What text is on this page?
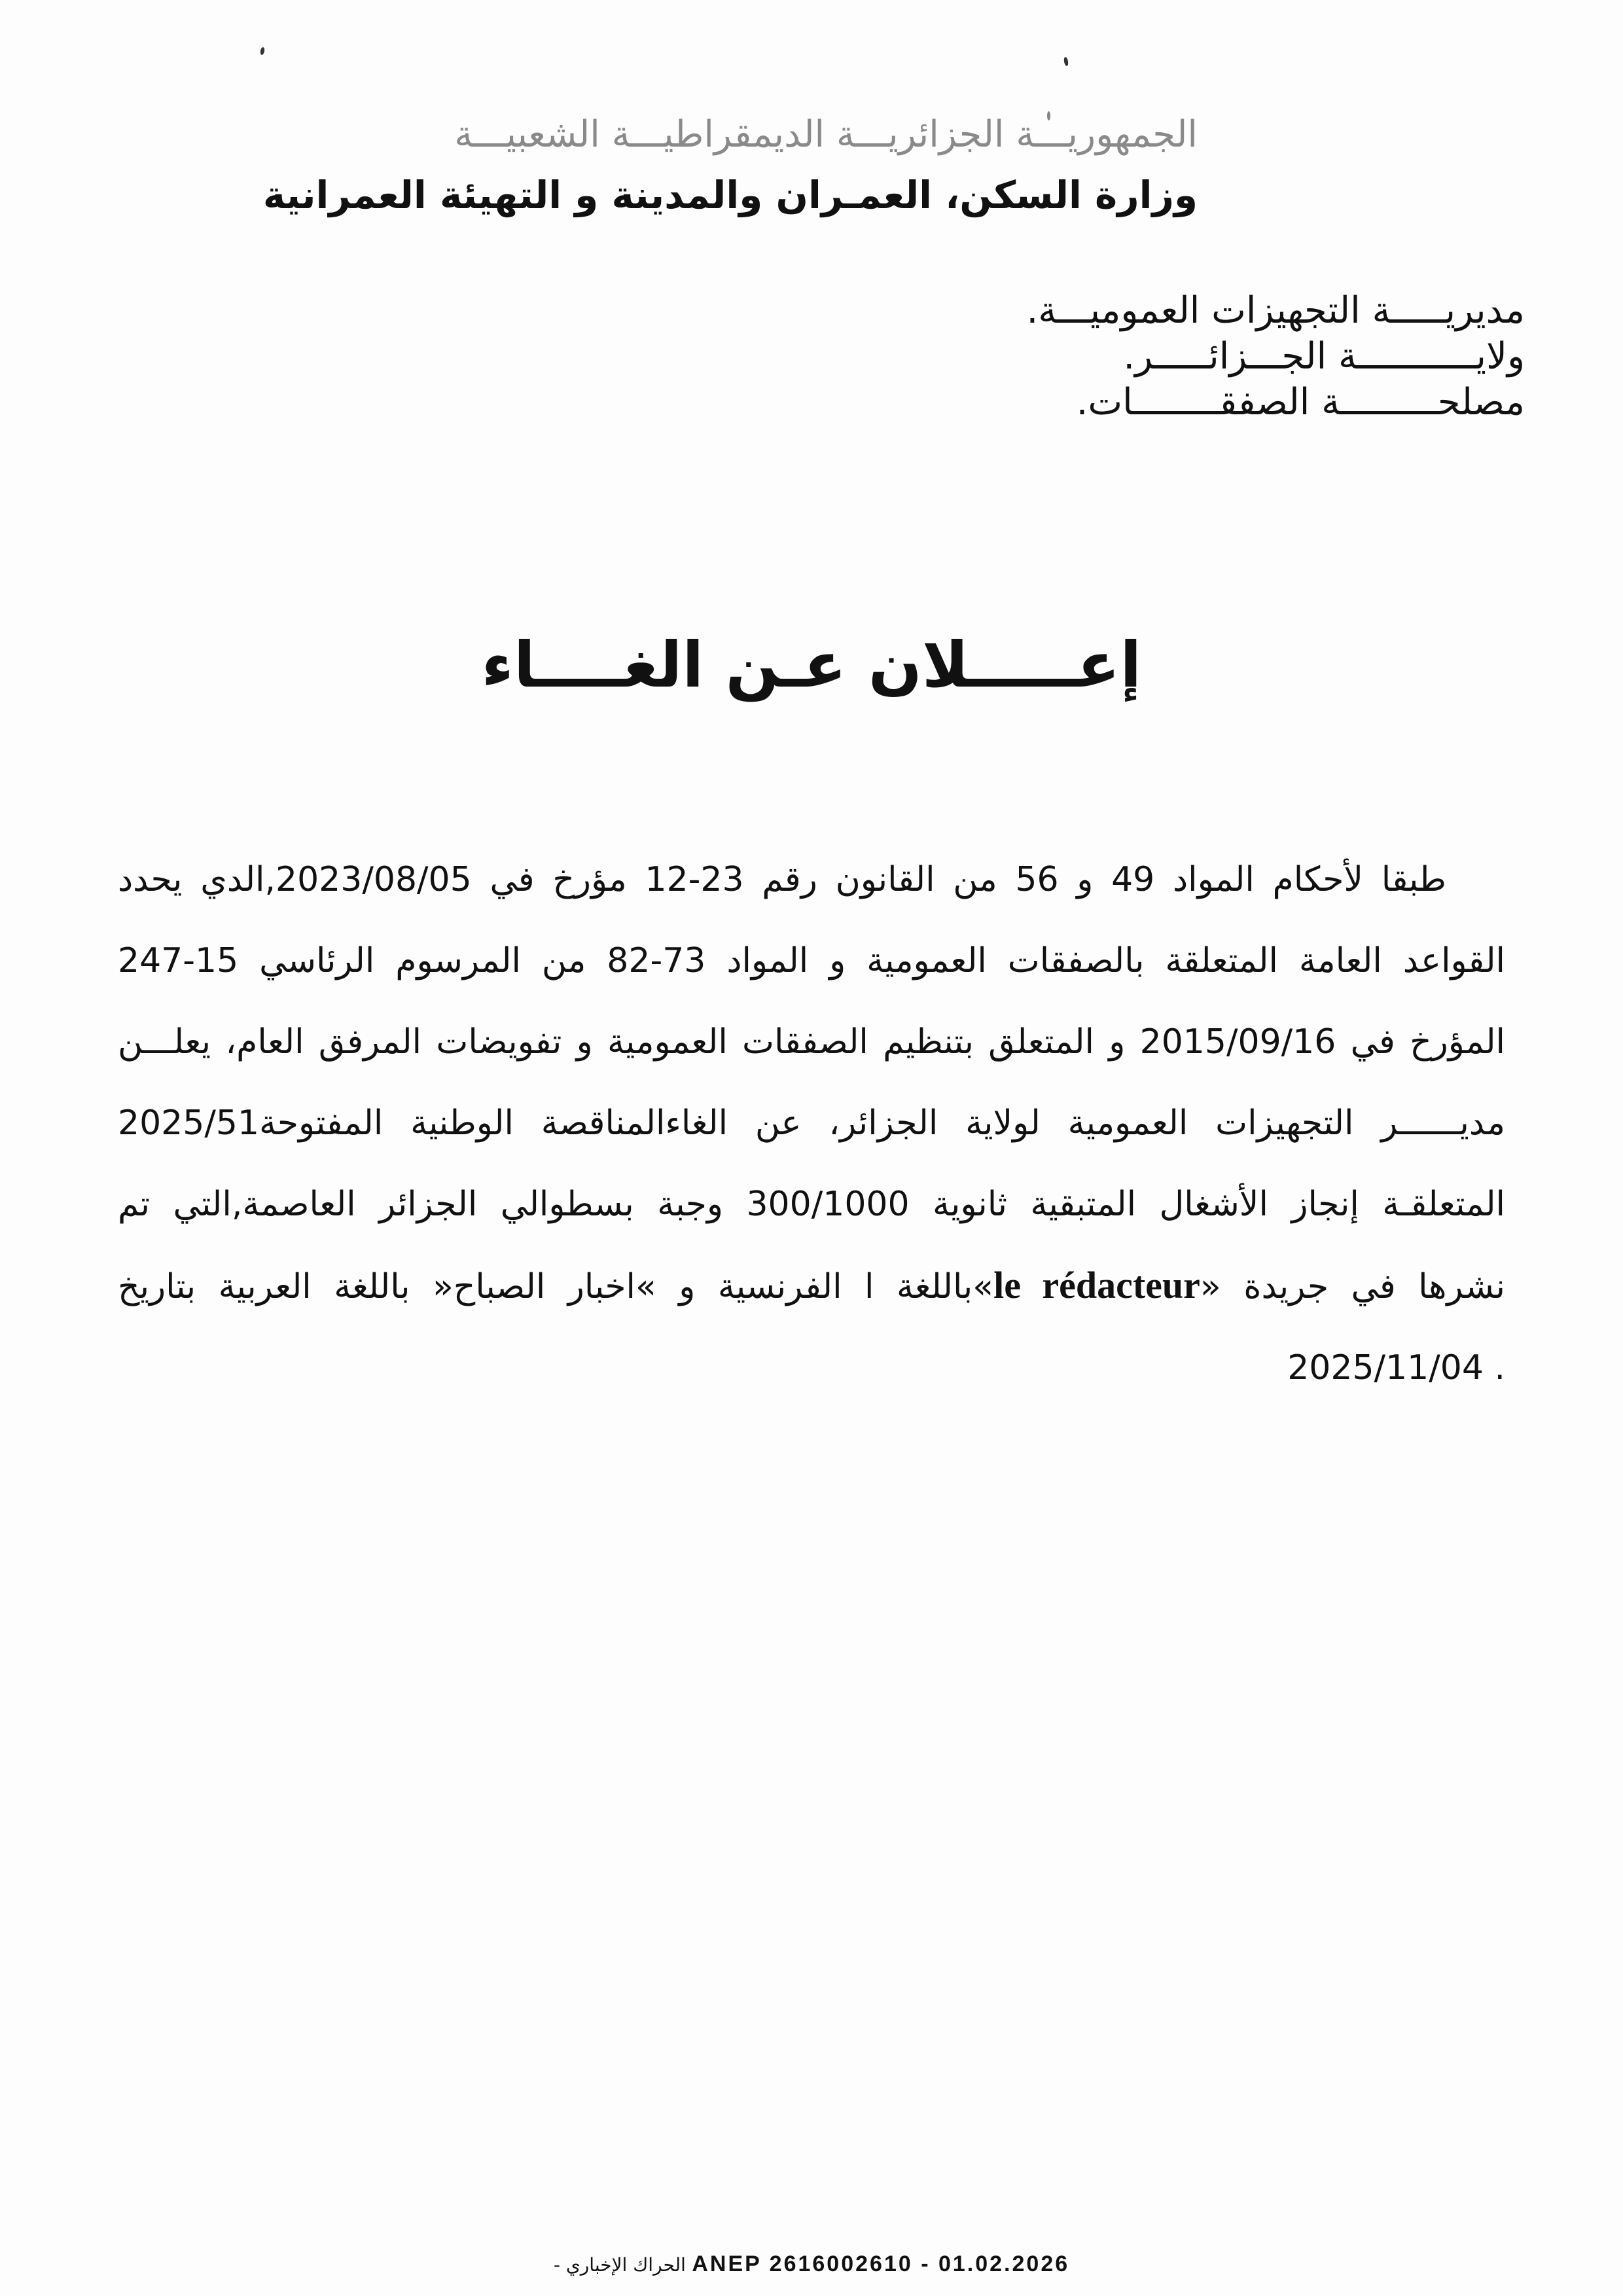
الجمهوريـــة الجزائريـــة الديمقراطيـــة الشعبيـــة
وزارة السكن، العمـران والمدينة و التهيئة العمرانية
مديريـــــة التجهيزات العموميـــة.
ولايـــــــــــة الجـــزائـــــر.
مصلحـــــــــة الصفقــــــــات.
إعـــــلان عـن الغــــاء
طبقا لأحكام المواد 49 و 56 من القانون رقم 23-12 مؤرخ في 2023/08/05,الدي يحدد
القواعد العامة المتعلقة بالصفقات العمومية و المواد 73-82 من المرسوم الرئاسي 15-247
المؤرخ في 2015/09/16 و المتعلق بتنظيم الصفقات العمومية و تفويضات المرفق العام، يعلـــن
مديــــــر التجهيزات العمومية لولاية الجزائر، عن الغاءالمناقصة الوطنية المفتوحة2025/51
المتعلقـة إنجاز الأشغال المتبقية ثانوية 300/1000 وجبة بسطوالي الجزائر العاصمة,التي تم
نشرها في جريدة «le rédacteur»باللغة ا الفرنسية و »اخبار الصباح« باللغة العربية بتاريخ
. 2025/11/04
- الحراك الإخباري ANEP 2616002610 - 01.02.2026
